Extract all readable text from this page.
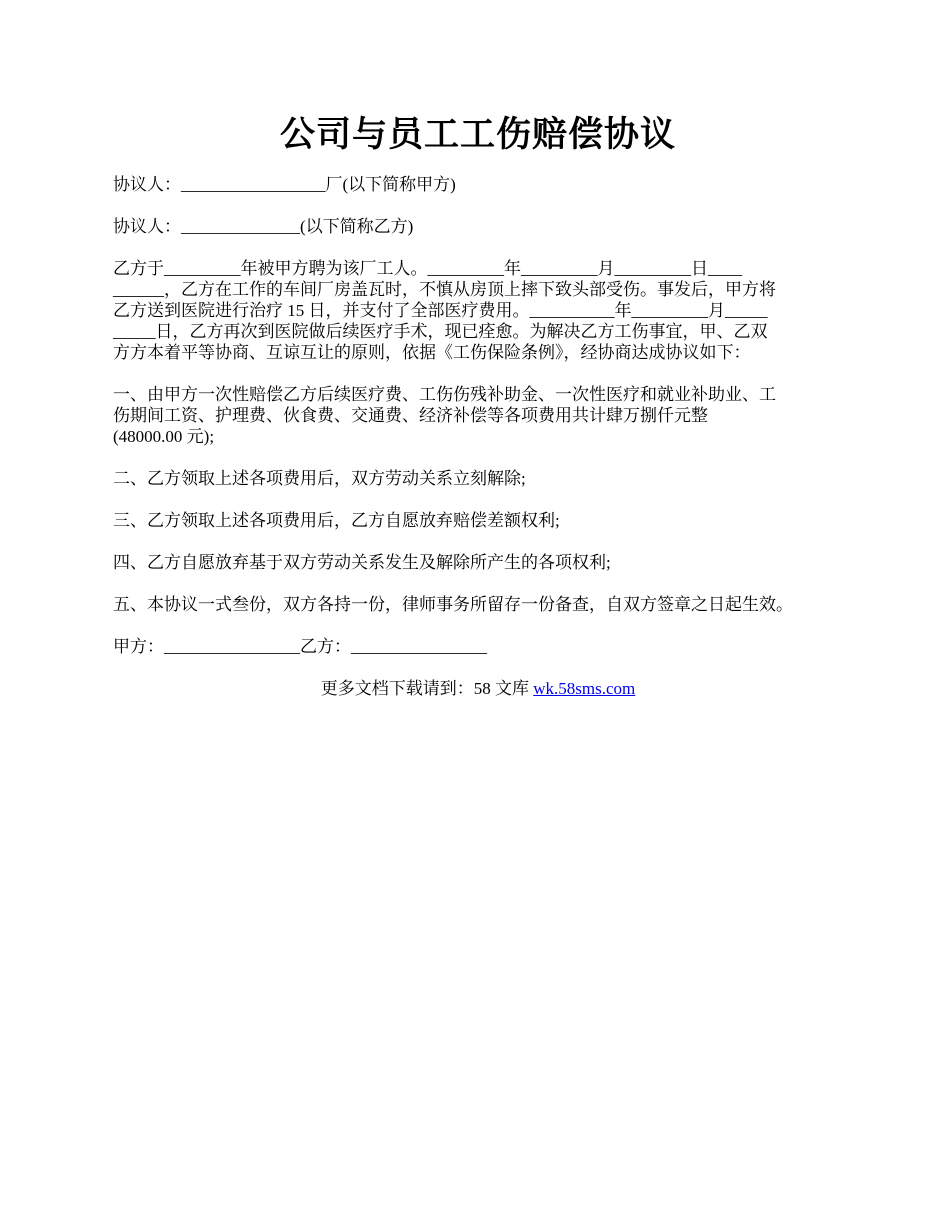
公司与员工工伤赔偿协议

协议人：_________________厂(以下简称甲方)

协议人：______________(以下简称乙方)

乙方于_________年被甲方聘为该厂工人。_________年_________月_________日____
______，乙方在工作的车间厂房盖瓦时，不慎从房顶上摔下致头部受伤。事发后，甲方将
乙方送到医院进行治疗 15 日，并支付了全部医疗费用。__________年_________月_____
_____日，乙方再次到医院做后续医疗手术，现已痊愈。为解决乙方工伤事宜，甲、乙双
方方本着平等协商、互谅互让的原则，依据《工伤保险条例》，经协商达成协议如下：

一、由甲方一次性赔偿乙方后续医疗费、工伤伤残补助金、一次性医疗和就业补助业、工
伤期间工资、护理费、伙食费、交通费、经济补偿等各项费用共计肆万捌仟元整
(48000.00 元);

二、乙方领取上述各项费用后，双方劳动关系立刻解除;

三、乙方领取上述各项费用后，乙方自愿放弃赔偿差额权利;

四、乙方自愿放弃基于双方劳动关系发生及解除所产生的各项权利;

五、本协议一式叁份，双方各持一份，律师事务所留存一份备查，自双方签章之日起生效。

甲方：________________乙方：________________

更多文档下载请到：58 文库 wk.58sms.com
